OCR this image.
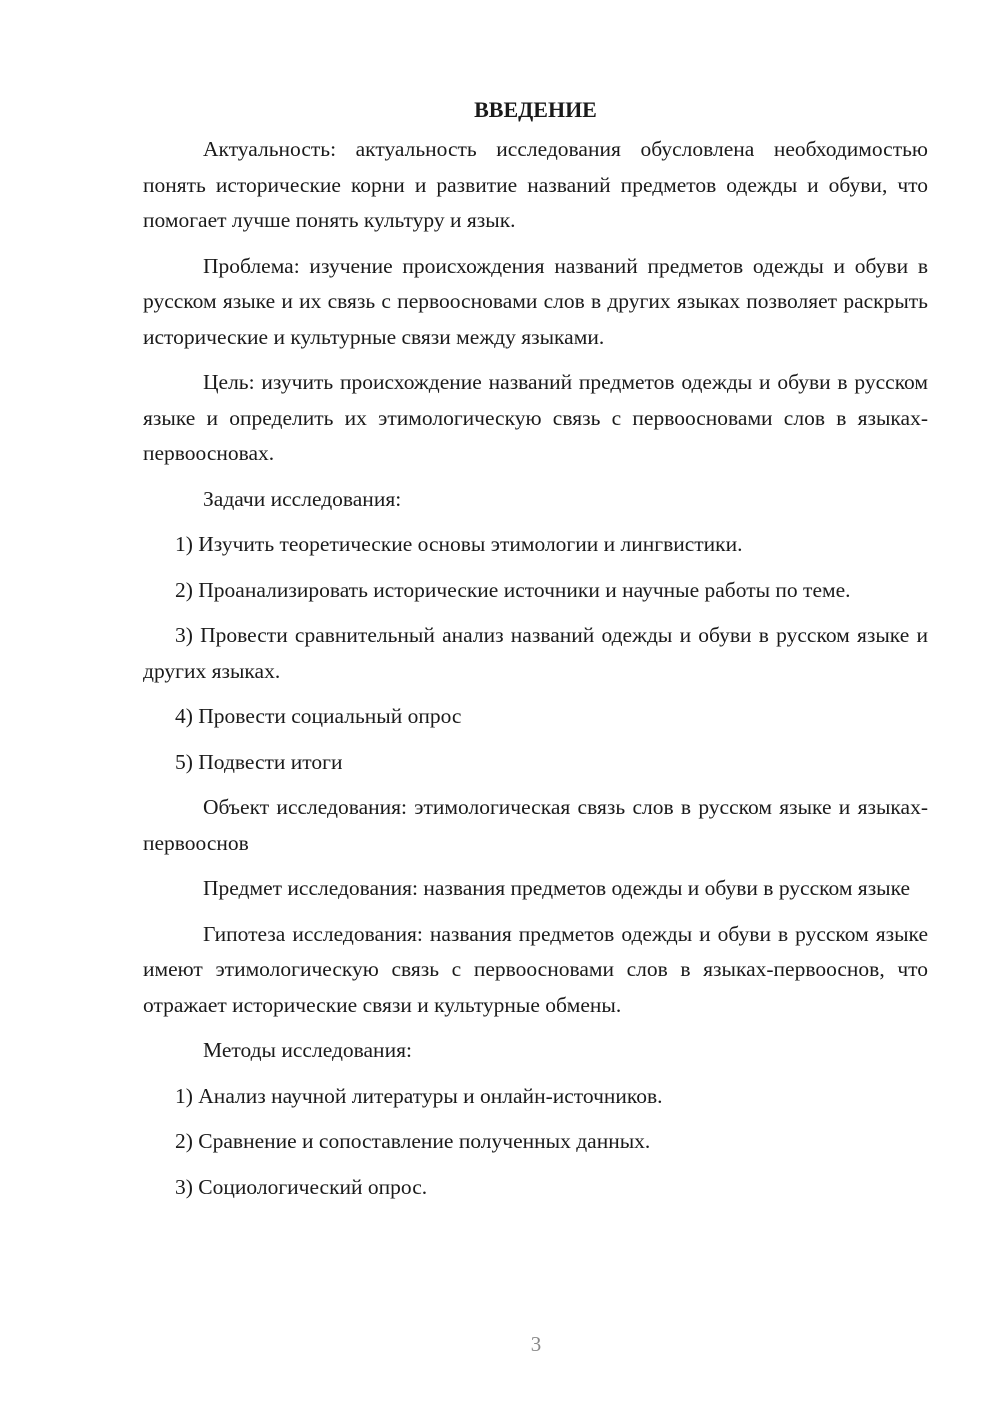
ВВЕДЕНИЕ

Актуальность: актуальность исследования обусловлена необходимостью понять исторические корни и развитие названий предметов одежды и обуви, что помогает лучше понять культуру и язык.

Проблема: изучение происхождения названий предметов одежды и обуви в русском языке и их связь с первоосновами слов в других языках позволяет раскрыть исторические и культурные связи между языками.

Цель: изучить происхождение названий предметов одежды и обуви в русском языке и определить их этимологическую связь с первоосновами слов в языках-первоосновах.

Задачи исследования:

1) Изучить теоретические основы этимологии и лингвистики.

2) Проанализировать исторические источники и научные работы по теме.

3) Провести сравнительный анализ названий одежды и обуви в русском языке и других языках.

4) Провести социальный опрос

5) Подвести итоги

Объект исследования: этимологическая связь слов в русском языке и языках-первооснов

Предмет исследования: названия предметов одежды и обуви в русском языке

Гипотеза исследования: названия предметов одежды и обуви в русском языке имеют этимологическую связь с первоосновами слов в языках-первооснов, что отражает исторические связи и культурные обмены.

Методы исследования:

1) Анализ научной литературы и онлайн-источников.

2) Сравнение и сопоставление полученных данных.

3) Социологический опрос.

3
